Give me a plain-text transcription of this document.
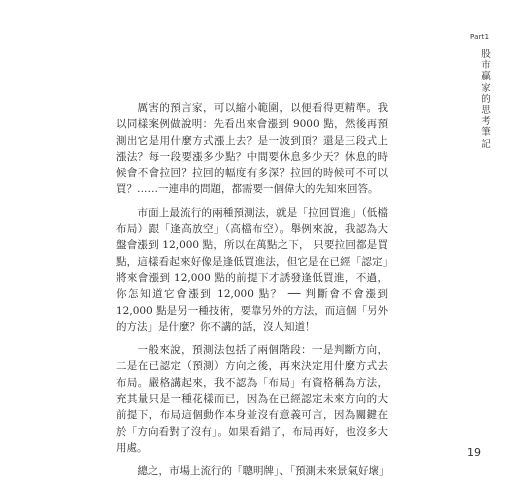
Part1
股市贏家的思考筆記

厲害的預言家，可以縮小範圍，以便看得更精準。我以同樣案例做說明：先看出來會漲到 9000 點，然後再預測出它是用什麼方式漲上去？是一波到頂？還是三段式上漲法？每一段要漲多少點？中間要休息多少天？休息的時候會不會拉回？拉回的幅度有多深？拉回的時候可不可以買？……一連串的問題，都需要一個偉大的先知來回答。

市面上最流行的兩種預測法，就是「拉回買進」（低檔布局）跟「逢高放空」（高檔布空）。舉例來說，我認為大盤會漲到 12,000 點，所以在萬點之下， 只要拉回都是買點，這樣看起來好像是逢低買進法，但它是在已經「認定」將來會漲到 12,000 點的前提下才誘發逢低買進，不過，你怎知道它會漲到 12,000 點？ ── 判斷會不會漲到 12,000 點是另一種技術，要靠另外的方法，而這個「另外的方法」是什麼？你不講的話，沒人知道！

一般來說，預測法包括了兩個階段：一是判斷方向，二是在已認定（預測）方向之後，再來決定用什麼方式去布局。嚴格講起來，我不認為「布局」有資格稱為方法，充其量只是一種花樣而已，因為在已經認定未來方向的大前提下，布局這個動作本身並沒有意義可言，因為關鍵在於「方向看對了沒有」。如果看錯了，布局再好，也沒多大用處。

總之，市場上流行的「聰明牌」、「預測未來景氣好壞」

19
